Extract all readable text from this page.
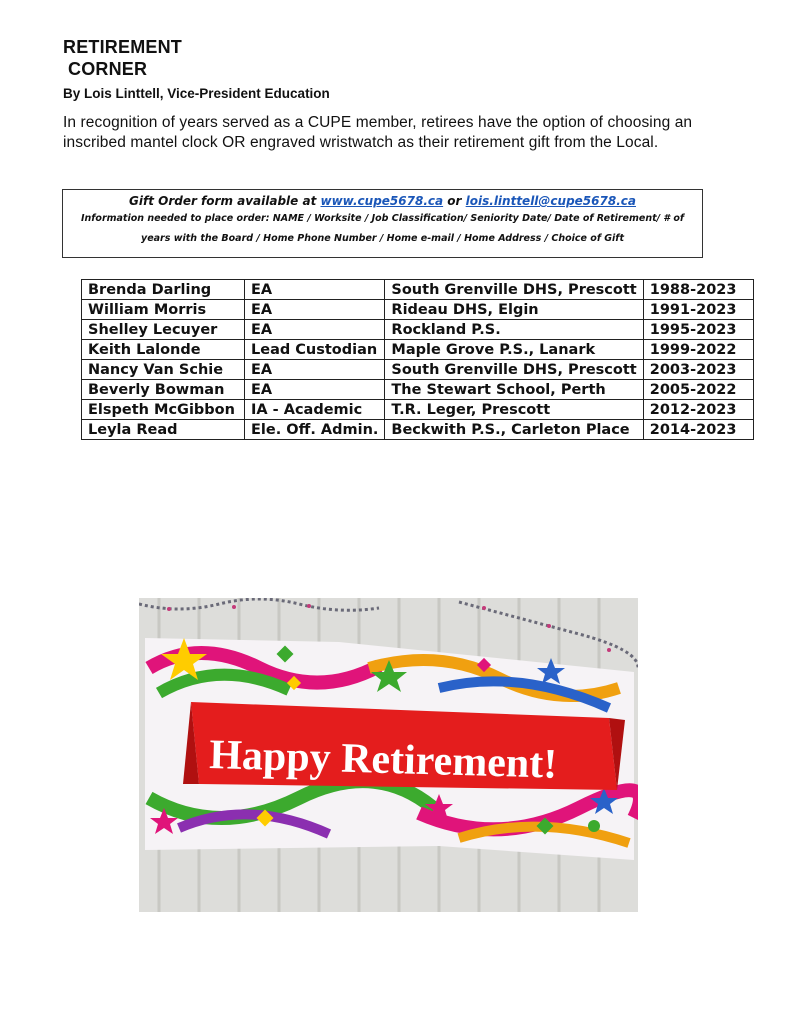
RETIREMENT
CORNER
By Lois Linttell, Vice-President Education
In recognition of years served as a CUPE member, retirees have the option of choosing an inscribed mantel clock OR engraved wristwatch as their retirement gift from the Local.
Gift Order form available at www.cupe5678.ca or lois.linttell@cupe5678.ca
Information needed to place order: NAME / Worksite / Job Classification/ Seniority Date/ Date of Retirement/ # of years with the Board / Home Phone Number / Home e-mail / Home Address / Choice of Gift
Brenda Darling	EA	South Grenville DHS, Prescott	1988-2023
William Morris	EA	Rideau DHS, Elgin	1991-2023
Shelley Lecuyer	EA	Rockland P.S.	1995-2023
Keith Lalonde	Lead Custodian	Maple Grove P.S., Lanark	1999-2022
Nancy Van Schie	EA	South Grenville DHS, Prescott	2003-2023
Beverly Bowman	EA	The Stewart School, Perth	2005-2022
Elspeth McGibbon	IA - Academic	T.R. Leger, Prescott	2012-2023
Leyla Read	Ele. Off. Admin.	Beckwith P.S., Carleton Place	2014-2023
Happy Retirement!
